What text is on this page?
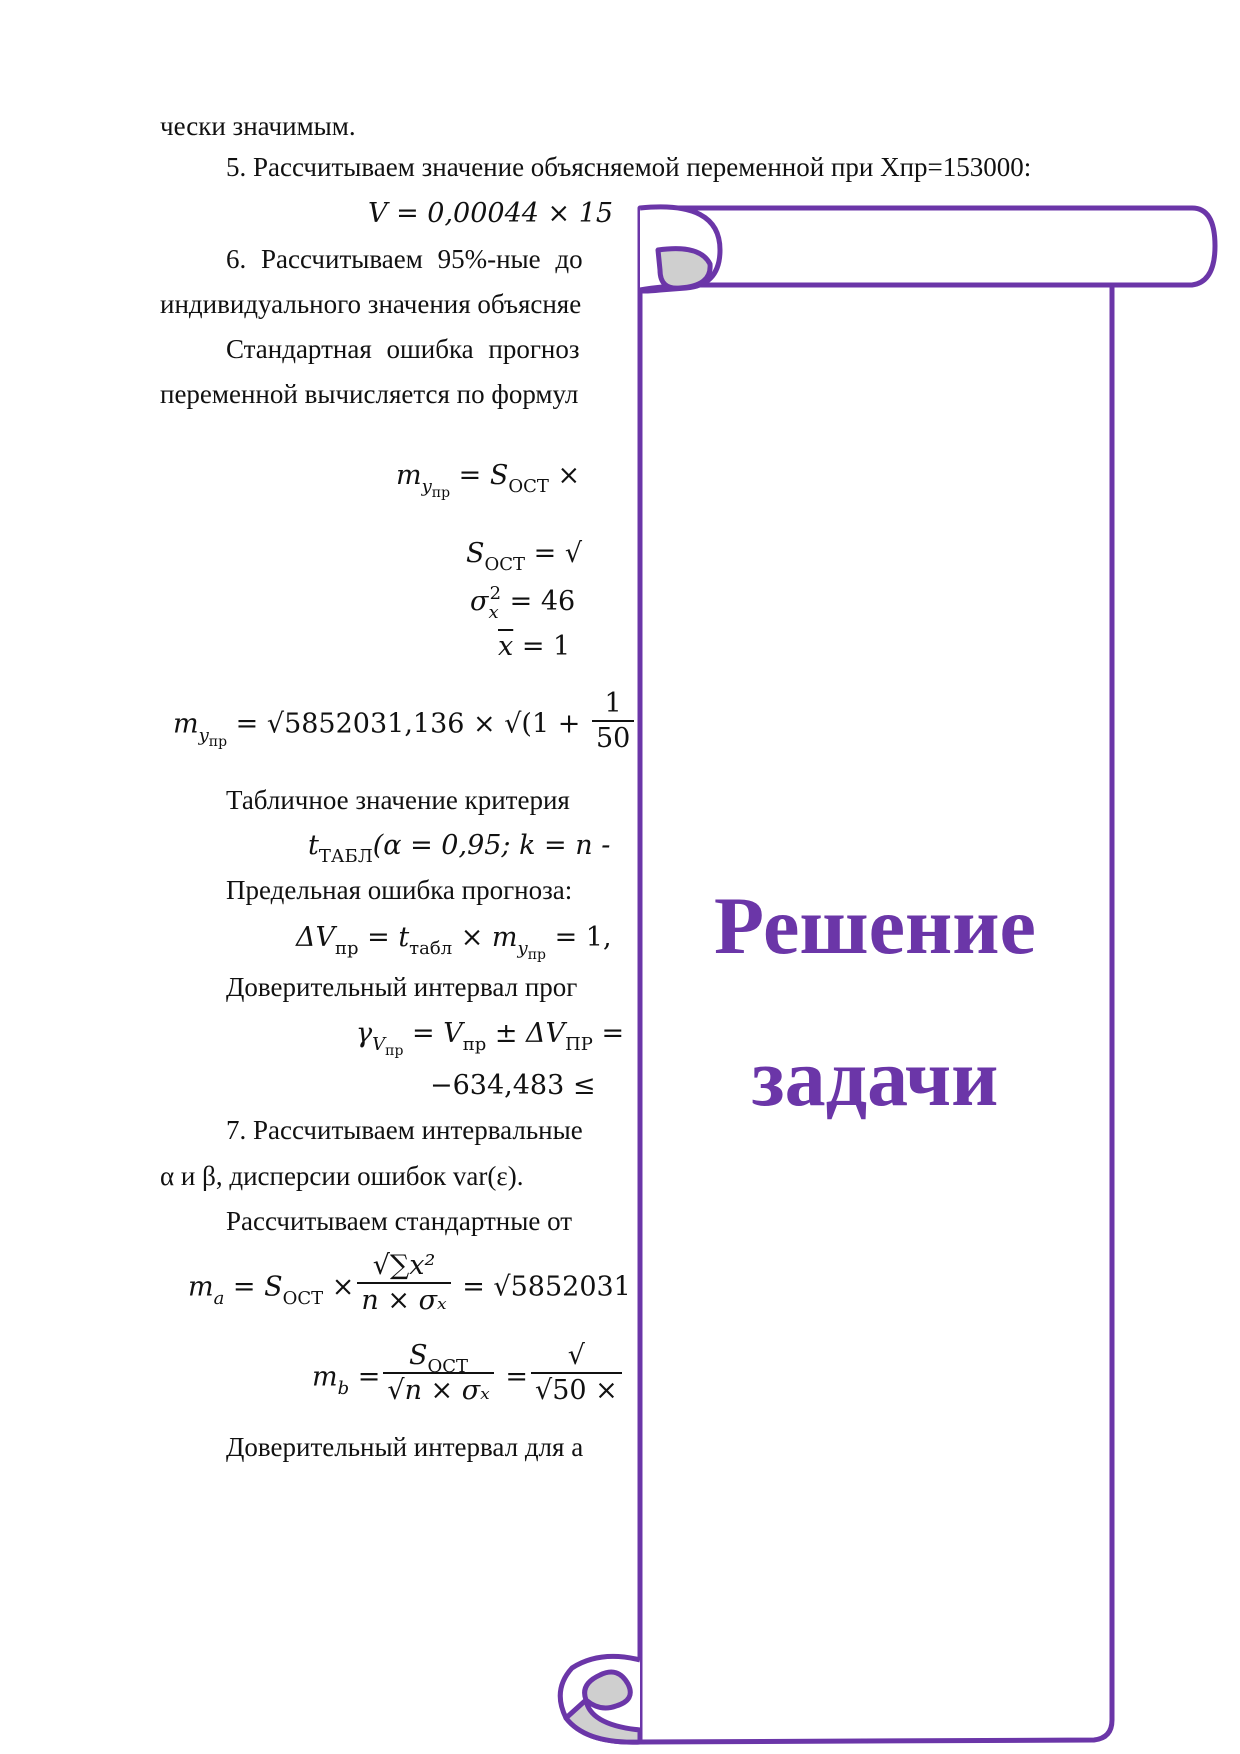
чески значимым.
5. Рассчитываем значение объясняемой переменной при Хпр=153000:
V = 0,00044 × 15
6. Рассчитываем 95%-ные до
индивидуального значения объясняе
Стандартная ошибка прогноз
переменной вычисляется по формул
$m_{yпр} = S_{ОСТ}$ ×
$S_{ОСТ}$ = √
$\sigma_x^2 = 46$
$\overline{x} = 1$
$m_{yпр} = √5852031,136 \times √(1 + \frac{1}{50}$
Табличное значение критерия
$t_{ТАБЛ}(\alpha = 0,95$; k = n ‑
Предельная ошибка прогноза:
$\Delta V_{пр} = t_{табл} \times m_{yпр} = 1$,
Доверительный интервал прог
$\gamma_{Vпр} = V_{пр} \pm \Delta V_{ПР}$ =
−634,483 ≤
7. Рассчитываем интервальные
α и β, дисперсии ошибок var(ε).
Рассчитываем стандартные от
$m_a = S_{ОСТ} \times \frac{\text{√∑x²}}{\text{n × σₓ}} = √5852031$
$m_b = \frac{S_{ОСТ}}{\text{√n × σₓ}} = \frac{√}{√50 \times}$
Доверительный интервал для а
Решение
задачи
